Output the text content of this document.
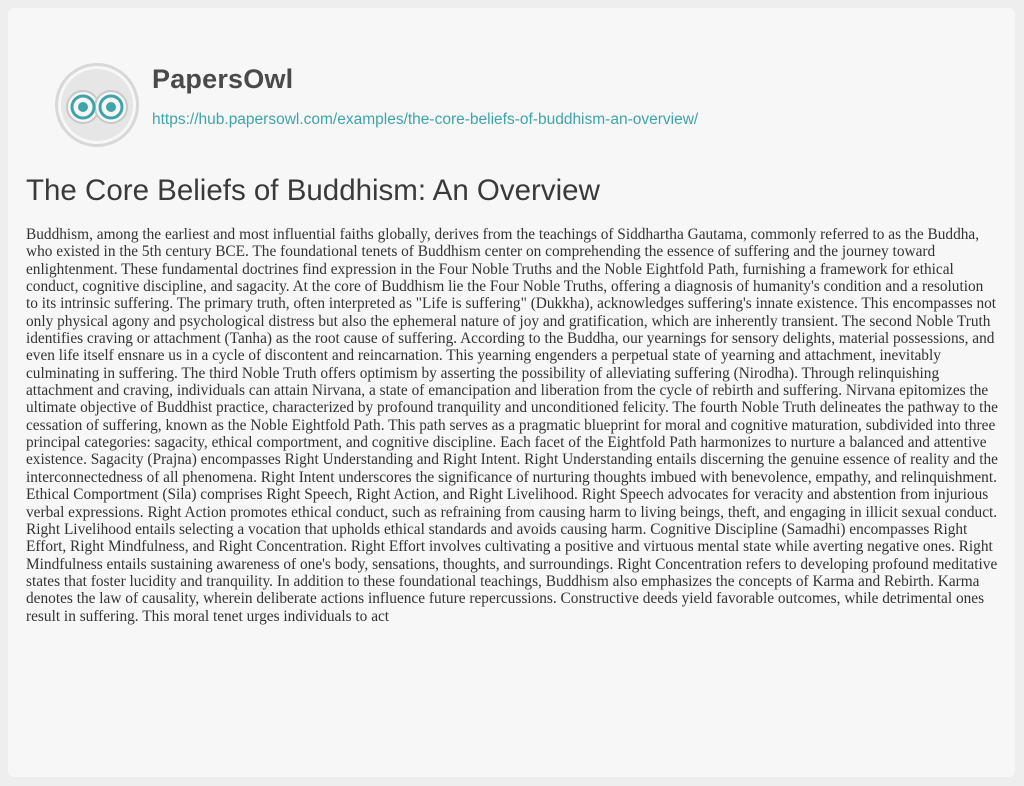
PapersOwl
https://hub.papersowl.com/examples/the-core-beliefs-of-buddhism-an-overview/
The Core Beliefs of Buddhism: An Overview

Buddhism, among the earliest and most influential faiths globally, derives from the teachings of Siddhartha Gautama, commonly referred to as the Buddha, who existed in the 5th century BCE. The foundational tenets of Buddhism center on comprehending the essence of suffering and the journey toward enlightenment. These fundamental doctrines find expression in the Four Noble Truths and the Noble Eightfold Path, furnishing a framework for ethical conduct, cognitive discipline, and sagacity. At the core of Buddhism lie the Four Noble Truths, offering a diagnosis of humanity's condition and a resolution to its intrinsic suffering. The primary truth, often interpreted as "Life is suffering" (Dukkha), acknowledges suffering's innate existence. This encompasses not only physical agony and psychological distress but also the ephemeral nature of joy and gratification, which are inherently transient. The second Noble Truth identifies craving or attachment (Tanha) as the root cause of suffering. According to the Buddha, our yearnings for sensory delights, material possessions, and even life itself ensnare us in a cycle of discontent and reincarnation. This yearning engenders a perpetual state of yearning and attachment, inevitably culminating in suffering. The third Noble Truth offers optimism by asserting the possibility of alleviating suffering (Nirodha). Through relinquishing attachment and craving, individuals can attain Nirvana, a state of emancipation and liberation from the cycle of rebirth and suffering. Nirvana epitomizes the ultimate objective of Buddhist practice, characterized by profound tranquility and unconditioned felicity. The fourth Noble Truth delineates the pathway to the cessation of suffering, known as the Noble Eightfold Path. This path serves as a pragmatic blueprint for moral and cognitive maturation, subdivided into three principal categories: sagacity, ethical comportment, and cognitive discipline. Each facet of the Eightfold Path harmonizes to nurture a balanced and attentive existence. Sagacity (Prajna) encompasses Right Understanding and Right Intent. Right Understanding entails discerning the genuine essence of reality and the interconnectedness of all phenomena. Right Intent underscores the significance of nurturing thoughts imbued with benevolence, empathy, and relinquishment. Ethical Comportment (Sila) comprises Right Speech, Right Action, and Right Livelihood. Right Speech advocates for veracity and abstention from injurious verbal expressions. Right Action promotes ethical conduct, such as refraining from causing harm to living beings, theft, and engaging in illicit sexual conduct. Right Livelihood entails selecting a vocation that upholds ethical standards and avoids causing harm. Cognitive Discipline (Samadhi) encompasses Right Effort, Right Mindfulness, and Right Concentration. Right Effort involves cultivating a positive and virtuous mental state while averting negative ones. Right Mindfulness entails sustaining awareness of one's body, sensations, thoughts, and surroundings. Right Concentration refers to developing profound meditative states that foster lucidity and tranquility. In addition to these foundational teachings, Buddhism also emphasizes the concepts of Karma and Rebirth. Karma denotes the law of causality, wherein deliberate actions influence future repercussions. Constructive deeds yield favorable outcomes, while detrimental ones result in suffering. This moral tenet urges individuals to act
